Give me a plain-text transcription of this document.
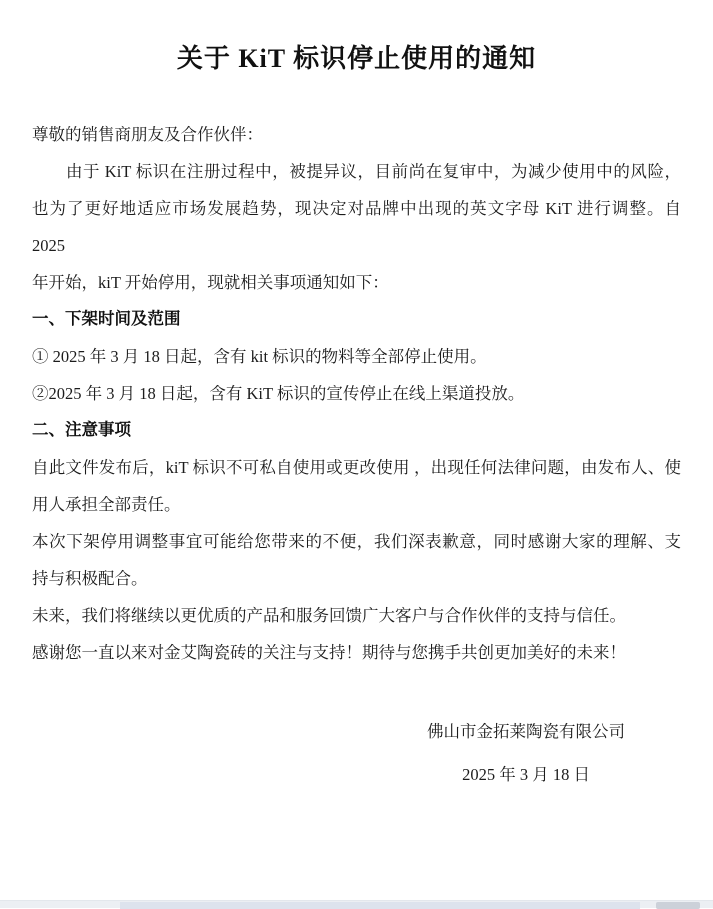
关于 KiT 标识停止使用的通知
尊敬的销售商朋友及合作伙伴：
由于 KiT 标识在注册过程中，被提异议，目前尚在复审中，为减少使用中的风险，
也为了更好地适应市场发展趋势，现决定对品牌中出现的英文字母 KiT 进行调整。自 2025
年开始，kiT 开始停用，现就相关事项通知如下：
一、下架时间及范围
① 2025 年 3 月 18 日起，含有 kit 标识的物料等全部停止使用。
②2025 年 3 月 18 日起，含有 KiT 标识的宣传停止在线上渠道投放。
二、注意事项
自此文件发布后，kiT 标识不可私自使用或更改使用 ，出现任何法律问题，由发布人、使
用人承担全部责任。
本次下架停用调整事宜可能给您带来的不便，我们深表歉意，同时感谢大家的理解、支
持与积极配合。
未来，我们将继续以更优质的产品和服务回馈广大客户与合作伙伴的支持与信任。
感谢您一直以来对金艾陶瓷砖的关注与支持！期待与您携手共创更加美好的未来！
佛山市金拓莱陶瓷有限公司
2025 年 3 月 18 日
